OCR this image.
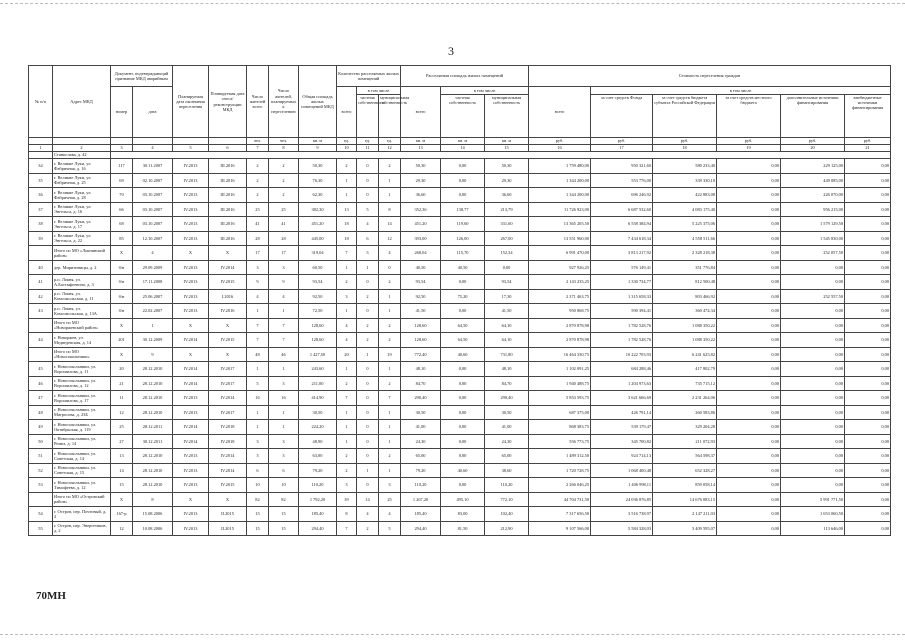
3
№ п/п	Адрес МКД	Документ, подтверждающий признание МКД аварийным		Планируемая дата окончания переселения	Планируемая дата сноса/ реконструкции МКД	Число жителей всего	Число жителей, планируемых к переселению	Общая площадь жилых помещений МКД	Количество расселяемых жилых помещений			Расселяемая площадь жилых помещений			Стоимость переселения граждан					
		номер	дата						всего	в том числе		всего	в том числе		всего	в том числе				
										частная собственность	муниципальная собственность		частная собственность	муниципальная собственность		за счет средств Фонда	за счет средств бюджета субъекта Российской Федерации	за счет средств местного бюджета	дополнительные источники финансирования	внебюджетные источники финансирования
						чел.	чел.	кв. м	ед.	ед.	ед.	кв. м	кв. м	кв. м	руб.	руб.	руб.	руб.	руб.	руб.
1	2	3	4	5	6	7	8	9	10	11	12	13	14	15	16	17	18	19	20	21
	Станислава, д. 42																			
34	г. Великие Луки, ул. Фабричная, д. 16	117	30.11.2007	IV.2013	III.2016	2	2	50,30	2	0	2	50,30	0,00	50,30	1 759 480,00	950 321,60	580 233,40	0,00	229 125,00	0,00
35	г. Великие Луки, ул. Фабричная, д. 25	69	02.10.2007	IV.2013	III.2016	2	2	76,30	1	0	1	29,30	0,00	29,30	1 344 200,00	553 776,00	339 330,10	0,00	449 085,00	0,00
36	г. Великие Луки, ул. Фабричная, д. 28	70	03.10.2007	IV.2013	III.2016	2	2	62,30	1	0	1	36,60	0,00	36,60	1 344 200,00	696 246,92	422 883,08	0,00	226 070,00	0,00
37	г. Великие Луки, ул. Энгельса, д. 16	66	03.10.2007	IV.2013	III.2016	25	25	382,30	13	5	8	352,36	138,77	213,79	11 726 923,00	6 687 532,60	4 083 175,40	0,00	956 215,00	0,00
38	г. Великие Луки, ул. Энгельса, д. 17	68	03.10.2007	IV.2013	III.2016	41	41	451,20	18	4	14	451,20	119,60	331,60	13 365 205,50	6 558 384,94	5 225 375,06	0,00	1 579 129,50	0,00
39	г. Великие Луки, ул. Энгельса, д. 22	85	12.10.2007	IV.2013	III.2016	28	28	445,00	18	6	12	393,00	126,00	267,00	13 551 960,00	7 434 618,34	4 558 511,66	0,00	1 545 830,00	0,00
	Итого по МО «Локнянский район»	X	4	X	X	17	17	319,04	7	3	4	268,04	115,70	152,34	6 991 470,00	3 813 217,92	2 328 218,38	0,00	252 057,50	0,00
40	дер. Миритиницы, д. 2	б/н	29.09.2009	IV.2013	IV.2014	3	3	60,50	1	1	0	40,50	40,50	0,00	927 926,25	576 149,41	351 776,84	0,00	0,00	0,00
41	р.п. Локня, ул. А.Бастыфеевича, д. 3	б/н	17.11.2008	IV.2013	IV.2015	9	9	93,54	2	0	2	93,54	0,00	93,54	2 143 235,25	1 330 734,77	812 500,48	0,00	0,00	0,00
42	р.п. Локня, ул. Комсомольская, д. 11	б/н	25.06.2007	IV.2013	I.2016	4	4	92,50	3	2	1	92,50	75,20	17,30	2 371 463,75	1 315 658,33	803 466,92	0,00	252 557,50	0,00
43	р.п. Локня, ул. Комсомольская, д. 13А	б/н	22.02.2007	IV.2013	IV.2016	1	1	72,50	1	0	1	41,50	0,00	41,50	950 868,75	590 394,41	360 474,34	0,00	0,00	0,00
	Итого по МО «Новоржевский район»	X	1	X	X	7	7	128,60	4	2	2	128,60	64,50	64,10	2 870 878,98	1 782 528,76	1 088 350,22	0,00	0,00	0,00
44	г. Новоржев, ул. Медведевская, д. 14	201	30.12.2009	IV.2014	IV.2015	7	7	128,60	4	2	2	128,60	64,50	64,10	2 870 878,98	1 782 528,76	1 088 350,22	0,00	0,00	0,00
	Итого по МО «Новосокольники»	X	9	X	X	48	46	1 427,50	20	1	19	772,40	40,60	731,80	16 464 330,75	10 222 703,93	6 241 625,82	0,00	0,00	0,00
45	г. Новосокольники, ул. Ворошилова, д. 11	20	28.12.2010	IV.2014	IV.2017	1	1	243,60	1	0	1	48,10	0,00	48,10	1 102 091,25	684 288,46	417 802,79	0,00	0,00	0,00
46	г. Новосокольники, ул. Ворошилова, д. 12	21	28.12.2010	IV.2014	IV.2017	5	3	211,00	2	0	2	84,70	0,00	84,70	1 940 488,75	1 204 973,63	735 715,12	0,00	0,00	0,00
47	г. Новосокольники, ул. Ворошилова, д. 17	11	28.12.2010	IV.2013	IV.2014	16	16	414,90	7	0	7	290,40	0,00	290,40	5 853 593,75	3 621 666,69	2 231 264,06	0,00	0,00	0,00
48	г. Новосокольники, ул. Матросова, д. 23Б	12	28.12.2010	IV.2013	IV.2017	1	1	30,50	1	0	1	30,50	0,00	30,50	687 375,00	426 791,14	260 583,86	0,00	0,00	0,00
49	г. Новосокольники, ул. Октябрьская, д. 119	25	28.12.2011	IV.2014	IV.2018	1	1	224,20	1	0	1	41,00	0,00	41,00	868 383,75	539 179,47	329 204,28	0,00	0,00	0,00
50	г. Новосокольники, ул. Ремиз, д. 14	27	30.12.2011	IV.2014	IV.2018	3	3	48,90	1	0	1	24,30	0,00	24,30	556 773,75	345 700,82	211 072,93	0,00	0,00	0,00
51	г. Новосокольники, ул. Советская, д. 14	13	28.12.2010	IV.2013	IV.2014	3	3	63,00	2	0	2	65,00	0,00	65,00	1 489 312,50	924 714,13	564 598,37	0,00	0,00	0,00
52	г. Новосокольники, ул. Советская, д. 15	14	28.12.2010	IV.2013	IV.2014	6	6	79,20	2	1	1	79,20	40,60	38,60	1 720 728,75	1 068 400,48	652 328,27	0,00	0,00	0,00
53	г. Новосокольники, ул. Тимофеева, д. 12	15	28.12.2010	IV.2013	IV.2015	10	10	110,20	3	0	3	110,20	0,00	110,20	2 266 046,25	1 406 998,11	859 058,14	0,00	0,00	0,00
	Итого по МО «Островский район»	X	8	X	X	82	82	1 792,20	39	14	25	1 267,20	495,10	772,10	44 704 731,50	24 036 876,85	14 676 083,15	0,00	5 991 771,50	0,00
54	г. Остров, пер. Почтовый, д. 2	167-р	15.08.2006	IV.2013	II.2015	15	15	185,40	8	4	4	185,40	83,00	102,40	7 317 656,50	3 516 738,97	2 147 211,03	0,00	1 653 060,50	0,00
55	г. Остров, пер. Энергетиков, д. 2	12	10.08.2006	IV.2013	II.2015	15	15	294,40	7	2	5	294,40	81,50	212,90	9 107 566,00	5 584 328,03	3 409 595,07	0,00	113 646,00	0,00
70МН
